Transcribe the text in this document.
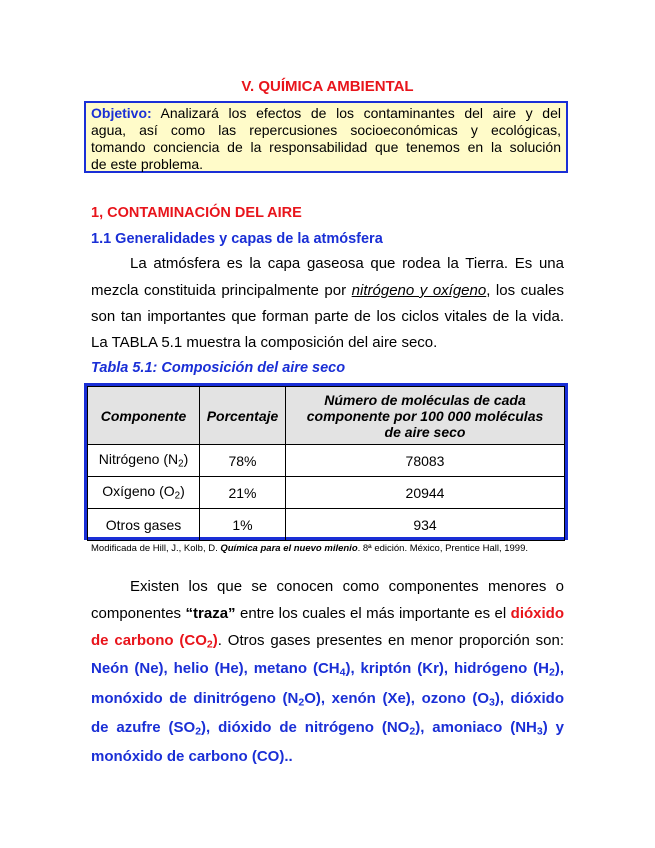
V. QUÍMICA AMBIENTAL
Objetivo: Analizará los efectos de los contaminantes del aire y del
agua, así como las repercusiones socioeconómicas y ecológicas,
tomando conciencia de la responsabilidad que tenemos en la solución
de este problema.
1, CONTAMINACIÓN DEL AIRE
1.1 Generalidades y capas de la atmósfera
La atmósfera es la capa gaseosa que rodea la Tierra. Es una
mezcla constituida principalmente por nitrógeno y oxígeno, los cuales
son tan importantes que forman parte de los ciclos vitales de la vida.
La TABLA 5.1 muestra la composición del aire seco.
Tabla 5.1: Composición del aire seco
Componente	Porcentaje	Número de moléculas de cada componente por 100 000 moléculas de aire seco
Nitrógeno $(N_2)$	78%	78083
Oxígeno $(O_2)$	21%	20944
Otros gases	1%	934
Modificada de Hill, J., Kolb, D. Química para el nuevo milenio. 8ª edición. México, Prentice Hall, 1999.
Existen los que se conocen como componentes menores o
componentes “traza” entre los cuales el más importante es el dióxido
de carbono $(CO_2)$. Otros gases presentes en menor proporción son:
Neón (Ne), helio (He), metano $(CH_4)$, kriptón (Kr), hidrógeno $(H_2)$,
monóxido de dinitrógeno $(N_2O)$, xenón (Xe), ozono $(O_3)$, dióxido
de azufre $(SO_2)$, dióxido de nitrógeno $(NO_2)$, amoniaco $(NH_3)$ y
monóxido de carbono (CO)..
